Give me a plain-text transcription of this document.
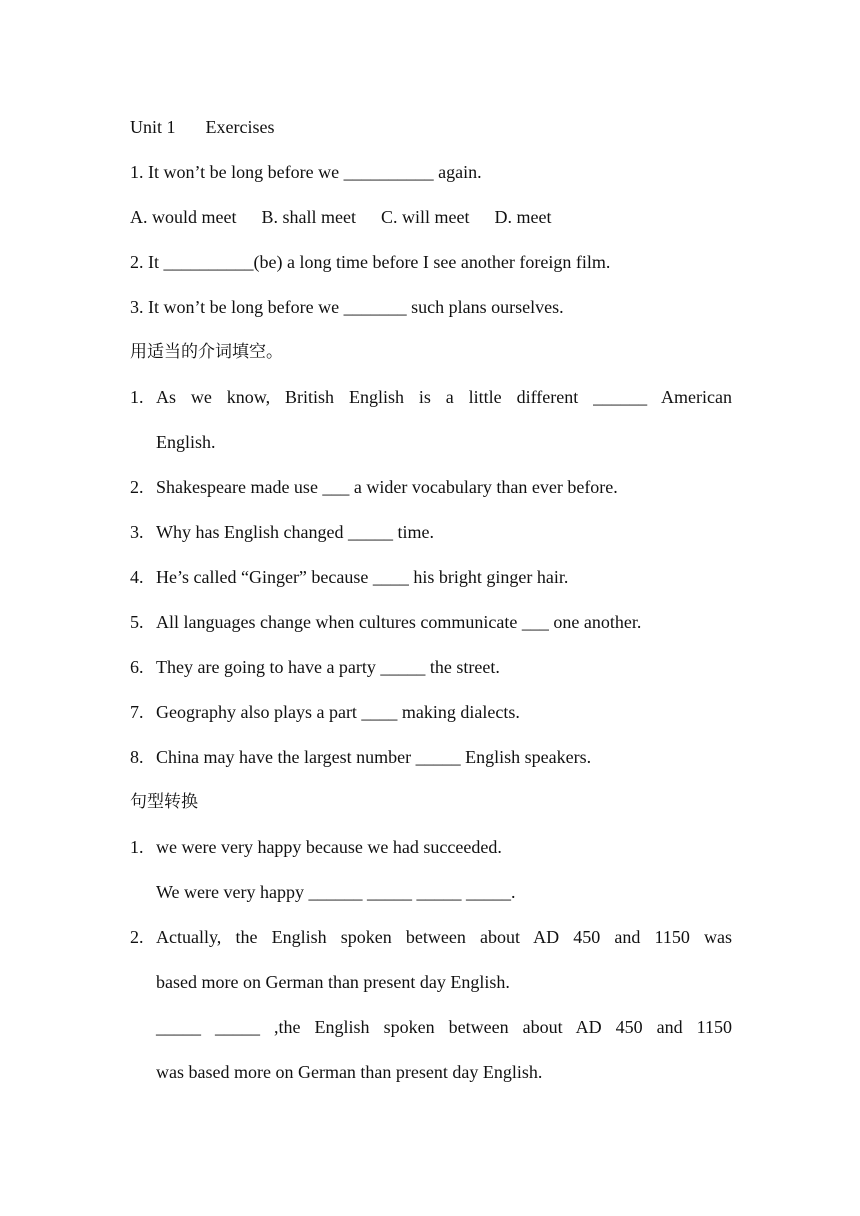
Unit 1 Exercises
1. It won’t be long before we __________ again.
A. would meet B. shall meet C. will meet D. meet
2. It __________(be) a long time before I see another foreign film.
3. It won’t be long before we _______ such plans ourselves.
用适当的介词填空。
1. As we know, British English is a little different ______ American
English.
2. Shakespeare made use ___ a wider vocabulary than ever before.
3. Why has English changed _____ time.
4. He’s called “Ginger” because ____ his bright ginger hair.
5. All languages change when cultures communicate ___ one another.
6. They are going to have a party _____ the street.
7. Geography also plays a part ____ making dialects.
8. China may have the largest number _____ English speakers.
句型转换
1. we were very happy because we had succeeded.
We were very happy ______ _____ _____ _____.
2. Actually, the English spoken between about AD 450 and 1150 was
based more on German than present day English.
_____ _____ ,the English spoken between about AD 450 and 1150
was based more on German than present day English.
